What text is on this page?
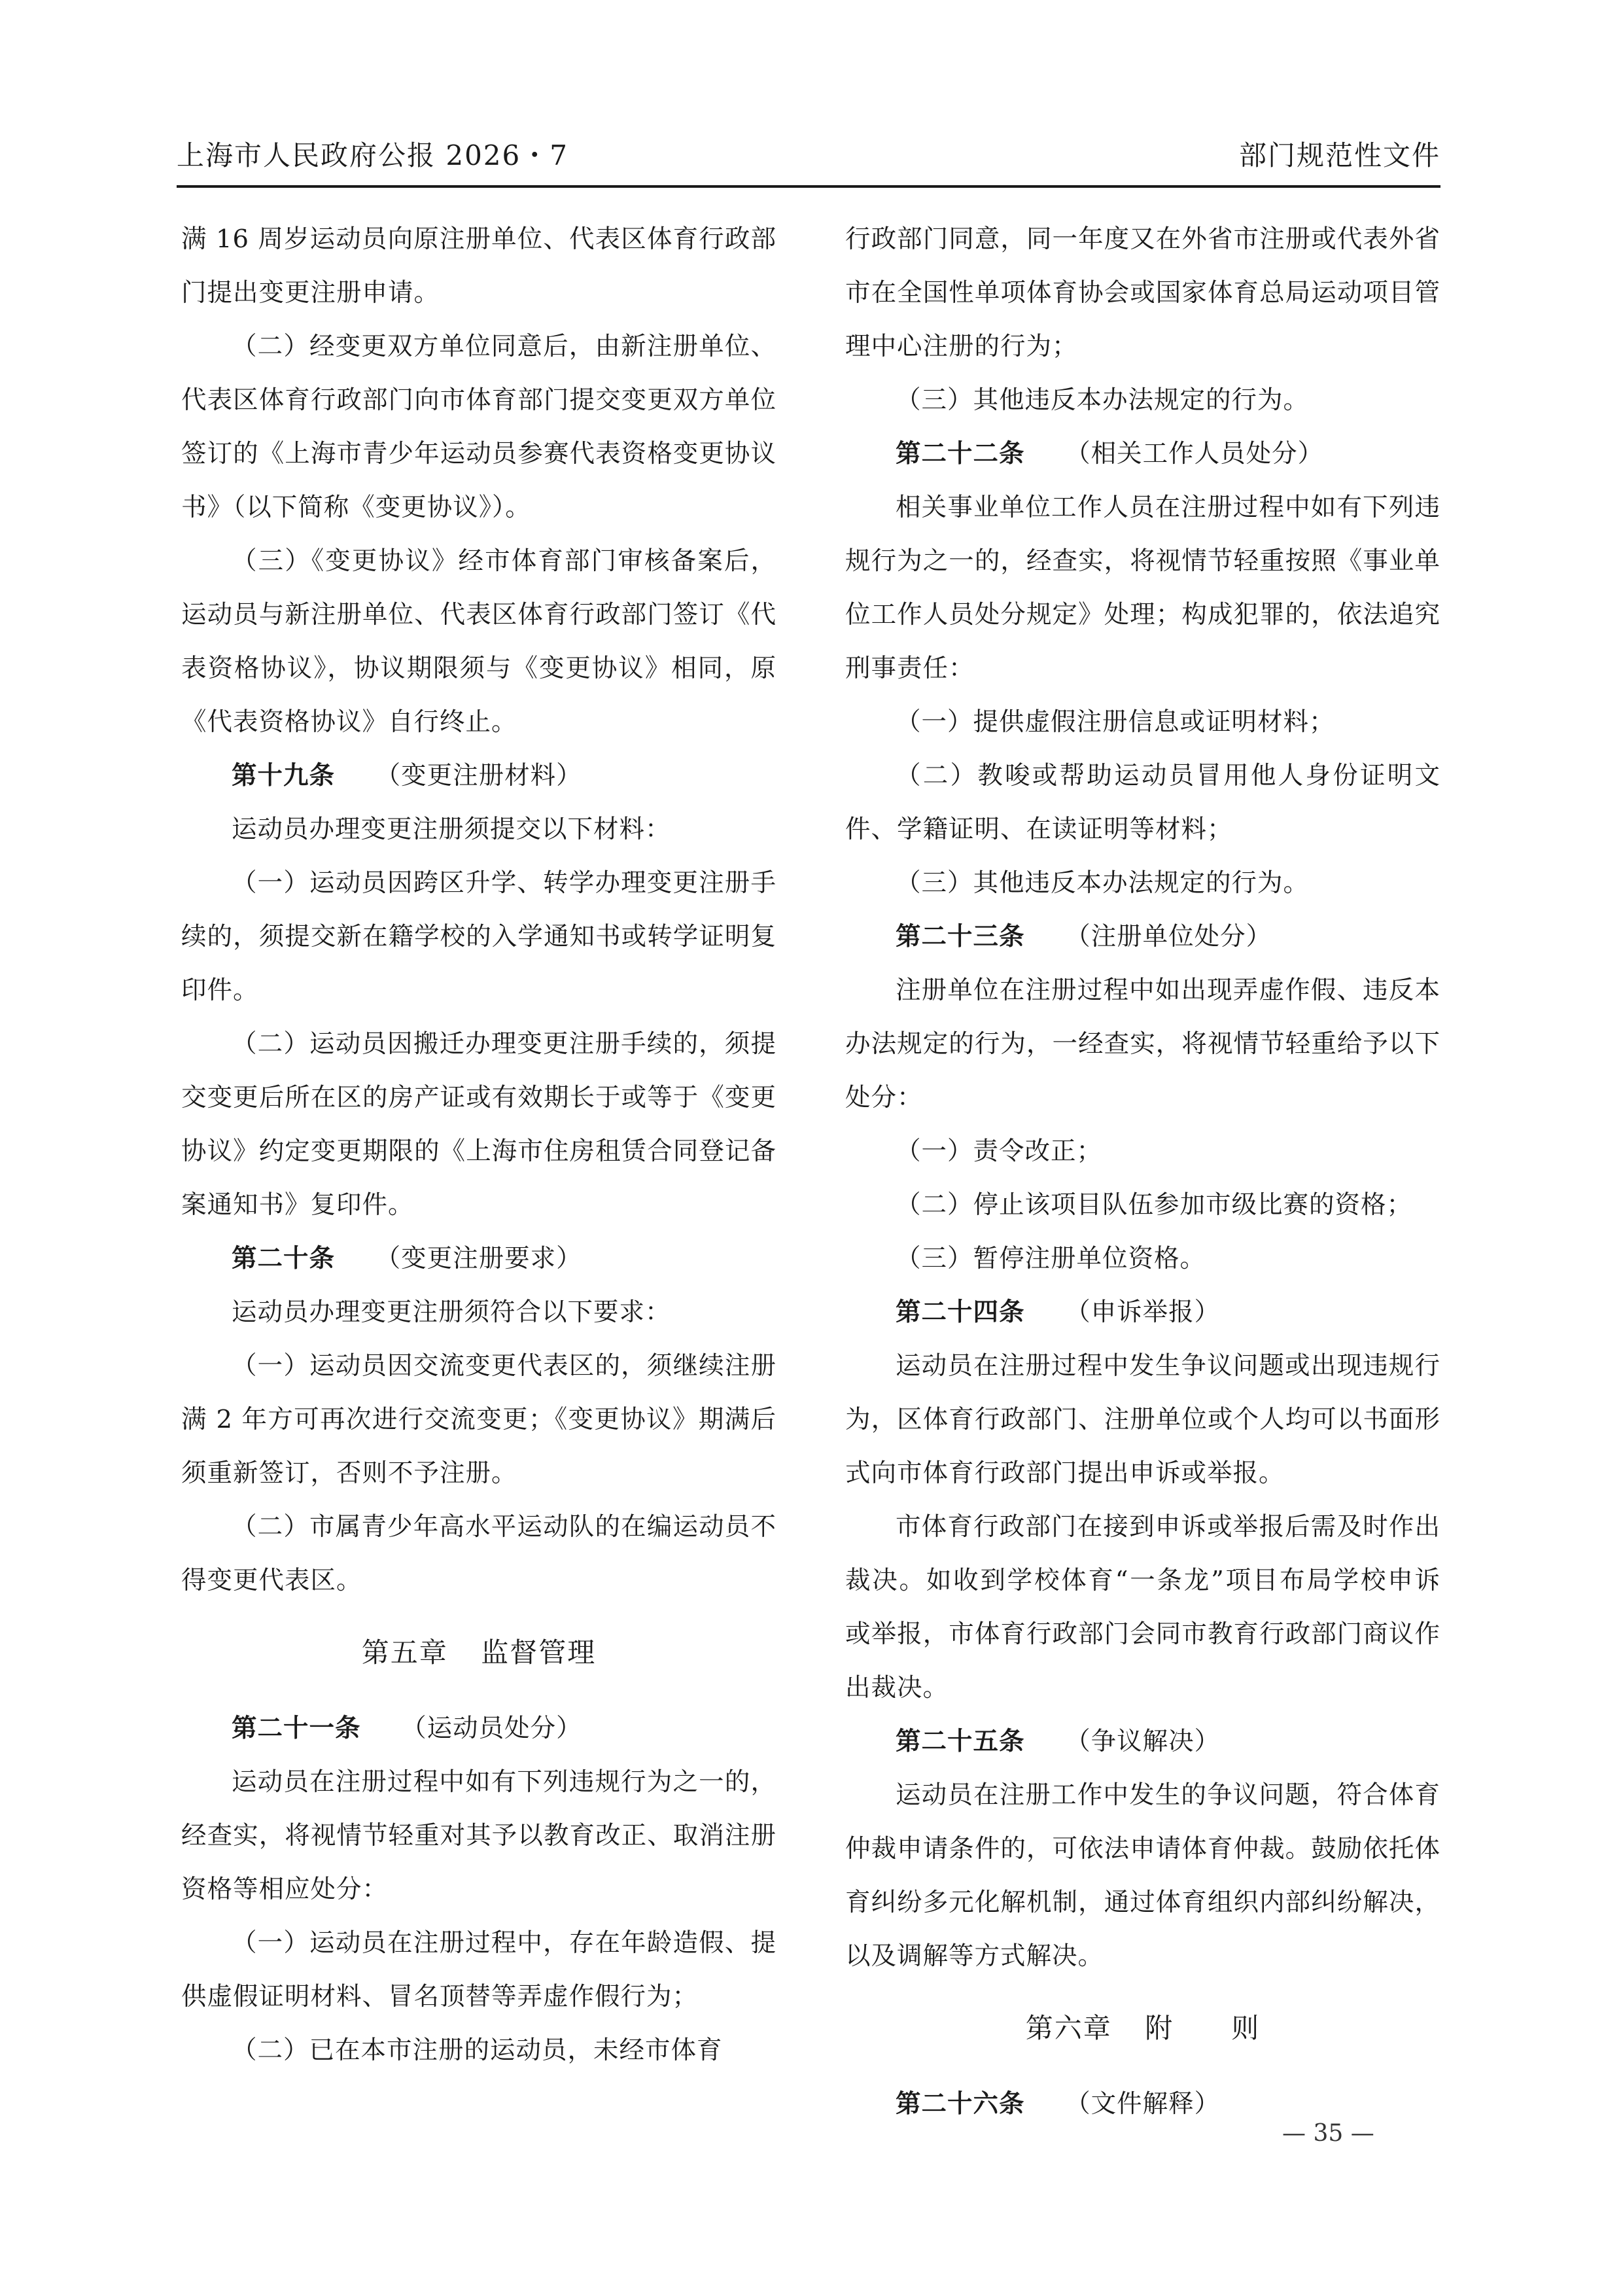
上海市人民政府公报 2026・7	部门规范性文件

满 16 周岁运动员向原注册单位、代表区体育行政部门提出变更注册申请。

（二）经变更双方单位同意后，由新注册单位、代表区体育行政部门向市体育部门提交变更双方单位签订的《上海市青少年运动员参赛代表资格变更协议书》（以下简称《变更协议》）。

（三）《变更协议》经市体育部门审核备案后，运动员与新注册单位、代表区体育行政部门签订《代表资格协议》，协议期限须与《变更协议》相同，原《代表资格协议》自行终止。

第十九条 （变更注册材料）

运动员办理变更注册须提交以下材料：

（一）运动员因跨区升学、转学办理变更注册手续的，须提交新在籍学校的入学通知书或转学证明复印件。

（二）运动员因搬迁办理变更注册手续的，须提交变更后所在区的房产证或有效期长于或等于《变更协议》约定变更期限的《上海市住房租赁合同登记备案通知书》复印件。

第二十条 （变更注册要求）

运动员办理变更注册须符合以下要求：

（一）运动员因交流变更代表区的，须继续注册满 2 年方可再次进行交流变更；《变更协议》期满后须重新签订，否则不予注册。

（二）市属青少年高水平运动队的在编运动员不得变更代表区。

第五章 监督管理

第二十一条 （运动员处分）

运动员在注册过程中如有下列违规行为之一的，经查实，将视情节轻重对其予以教育改正、取消注册资格等相应处分：

（一）运动员在注册过程中，存在年龄造假、提供虚假证明材料、冒名顶替等弄虚作假行为；

（二）已在本市注册的运动员，未经市体育

行政部门同意，同一年度又在外省市注册或代表外省市在全国性单项体育协会或国家体育总局运动项目管理中心注册的行为；

（三）其他违反本办法规定的行为。

第二十二条 （相关工作人员处分）

相关事业单位工作人员在注册过程中如有下列违规行为之一的，经查实，将视情节轻重按照《事业单位工作人员处分规定》处理；构成犯罪的，依法追究刑事责任：

（一）提供虚假注册信息或证明材料；

（二）教唆或帮助运动员冒用他人身份证明文件、学籍证明、在读证明等材料；

（三）其他违反本办法规定的行为。

第二十三条 （注册单位处分）

注册单位在注册过程中如出现弄虚作假、违反本办法规定的行为，一经查实，将视情节轻重给予以下处分：

（一）责令改正；

（二）停止该项目队伍参加市级比赛的资格；

（三）暂停注册单位资格。

第二十四条 （申诉举报）

运动员在注册过程中发生争议问题或出现违规行为，区体育行政部门、注册单位或个人均可以书面形式向市体育行政部门提出申诉或举报。

市体育行政部门在接到申诉或举报后需及时作出裁决。如收到学校体育“一条龙”项目布局学校申诉或举报，市体育行政部门会同市教育行政部门商议作出裁决。

第二十五条 （争议解决）

运动员在注册工作中发生的争议问题，符合体育仲裁申请条件的，可依法申请体育仲裁。鼓励依托体育纠纷多元化解机制，通过体育组织内部纠纷解决，以及调解等方式解决。

第六章 附　　则

第二十六条 （文件解释）

— 35 —
